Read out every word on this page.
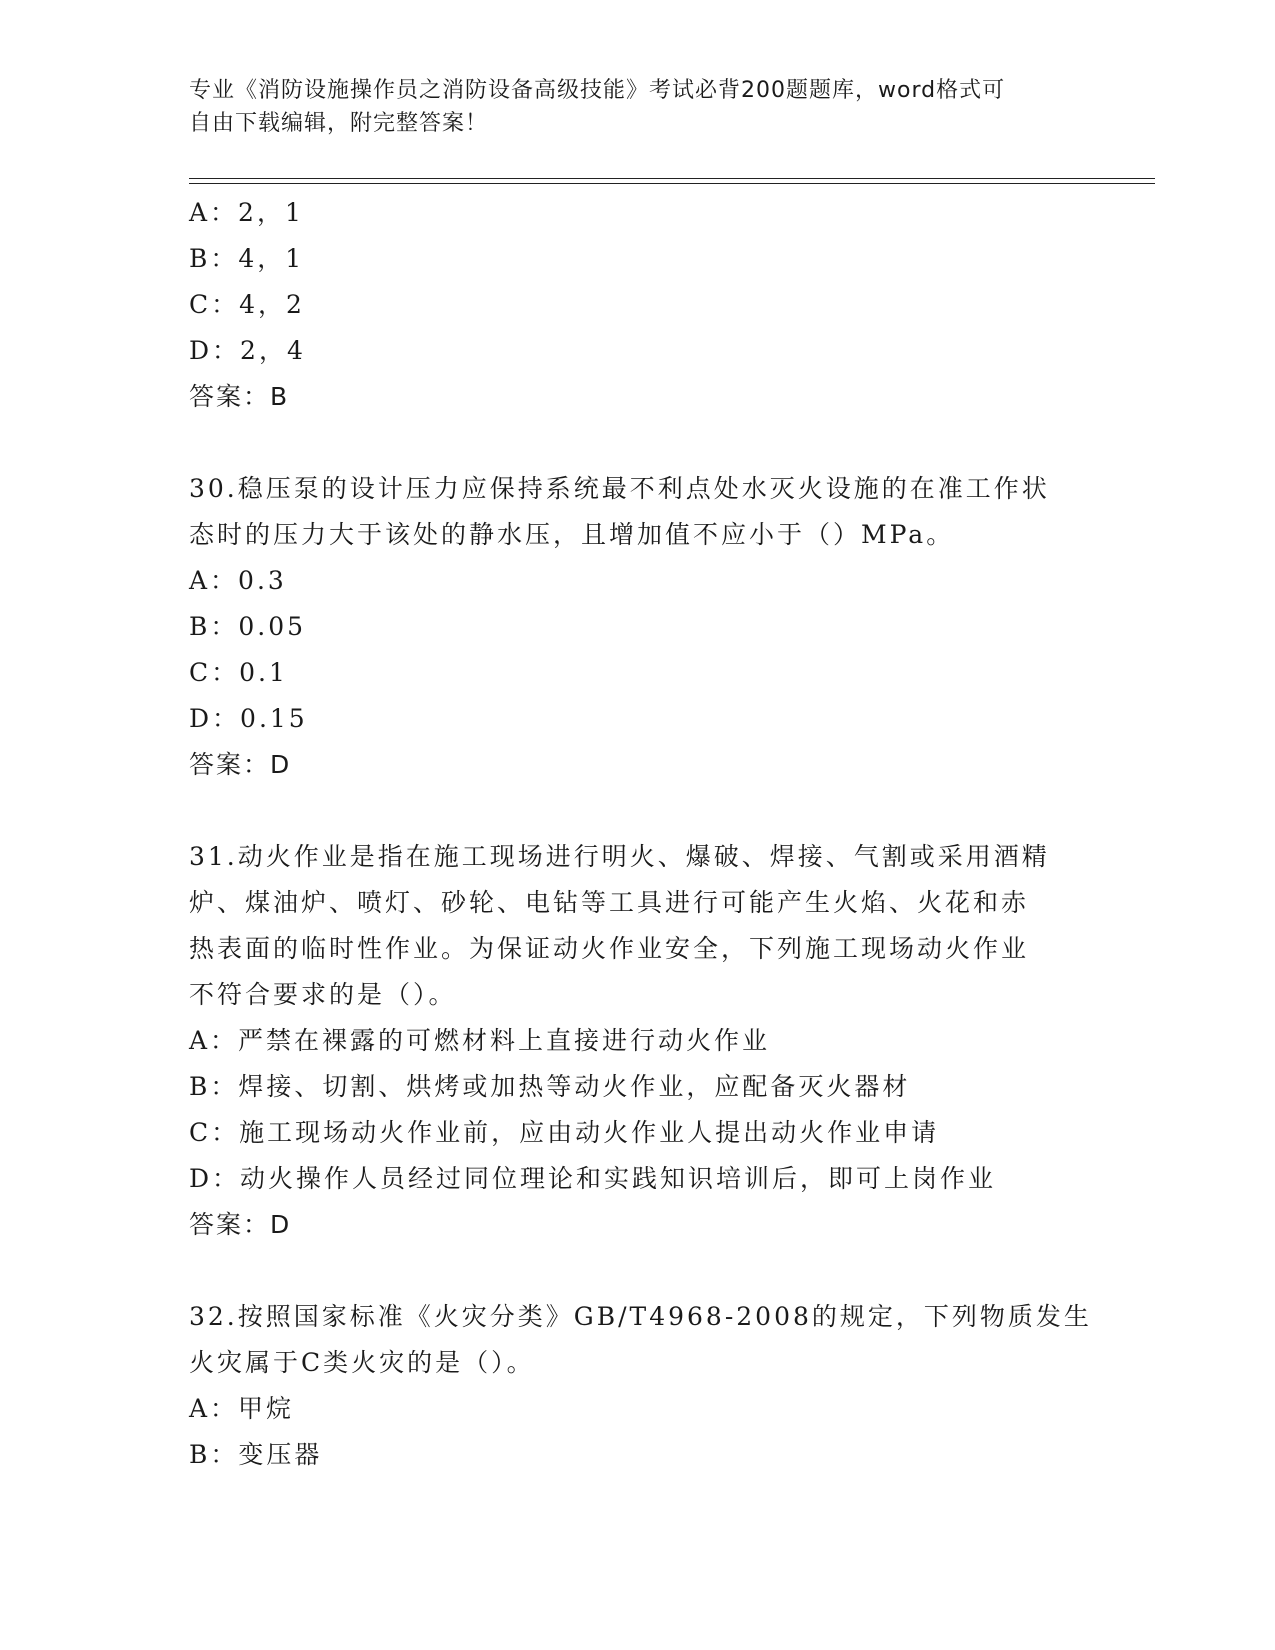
专业《消防设施操作员之消防设备高级技能》考试必背200题题库，word格式可
自由下载编辑，附完整答案！
A：2，1
B：4，1
C：4，2
D：2，4
答案：B
30.稳压泵的设计压力应保持系统最不利点处水灭火设施的在准工作状
态时的压力大于该处的静水压，且增加值不应小于（）MPa。
A：0.3
B：0.05
C：0.1
D：0.15
答案：D
31.动火作业是指在施工现场进行明火、爆破、焊接、气割或采用酒精
炉、煤油炉、喷灯、砂轮、电钻等工具进行可能产生火焰、火花和赤
热表面的临时性作业。为保证动火作业安全，下列施工现场动火作业
不符合要求的是（）。
A：严禁在裸露的可燃材料上直接进行动火作业
B：焊接、切割、烘烤或加热等动火作业，应配备灭火器材
C：施工现场动火作业前，应由动火作业人提出动火作业申请
D：动火操作人员经过同位理论和实践知识培训后，即可上岗作业
答案：D
32.按照国家标准《火灾分类》GB/T4968-2008的规定，下列物质发生
火灾属于C类火灾的是（）。
A：甲烷
B：变压器
